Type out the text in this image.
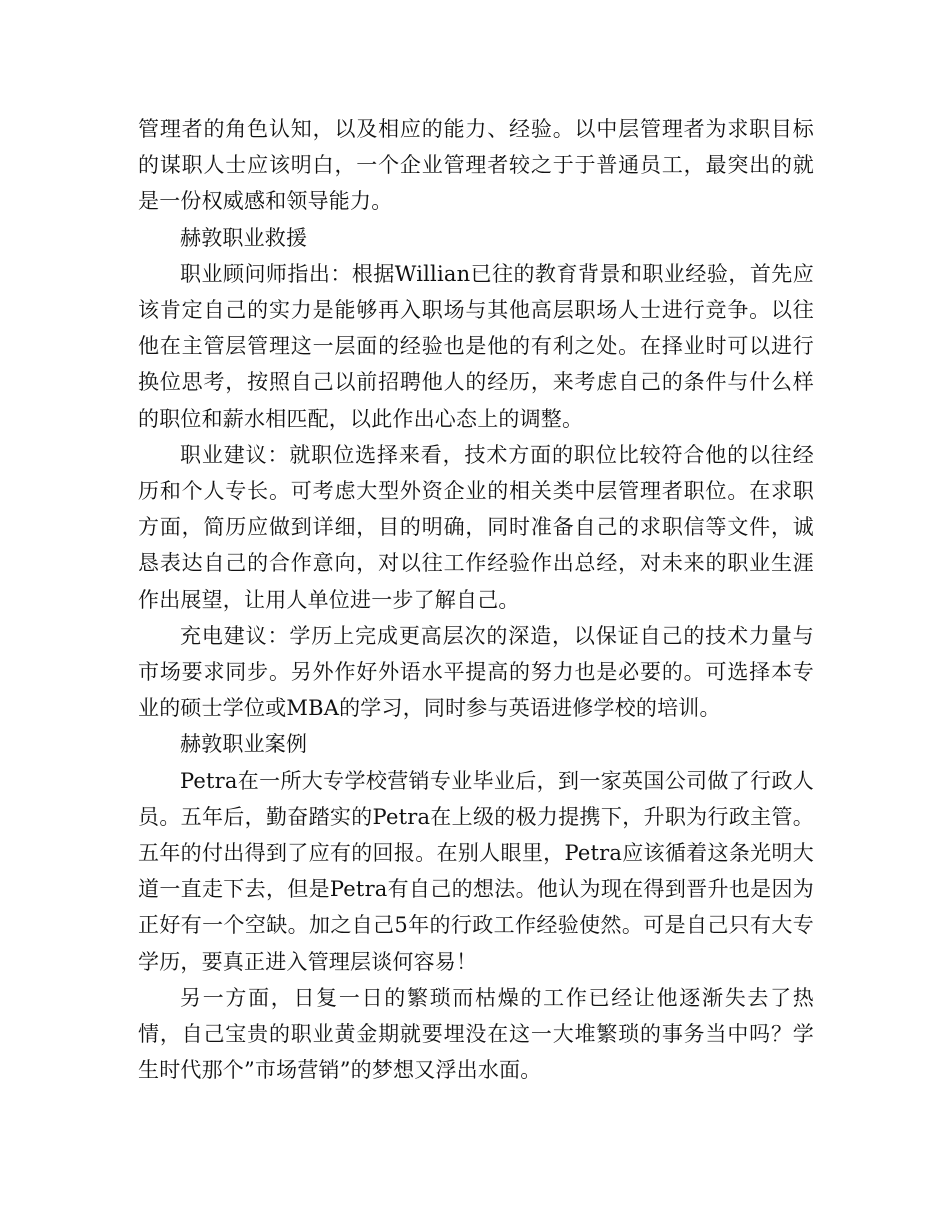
管理者的角色认知，以及相应的能力、经验。以中层管理者为求职目标的谋职人士应该明白，一个企业管理者较之于于普通员工，最突出的就是一份权威感和领导能力。

赫敦职业救援

职业顾问师指出：根据Willian已往的教育背景和职业经验，首先应该肯定自己的实力是能够再入职场与其他高层职场人士进行竞争。以往他在主管层管理这一层面的经验也是他的有利之处。在择业时可以进行换位思考，按照自己以前招聘他人的经历，来考虑自己的条件与什么样的职位和薪水相匹配，以此作出心态上的调整。

职业建议：就职位选择来看，技术方面的职位比较符合他的以往经历和个人专长。可考虑大型外资企业的相关类中层管理者职位。在求职方面，简历应做到详细，目的明确，同时准备自己的求职信等文件，诚恳表达自己的合作意向，对以往工作经验作出总经，对未来的职业生涯作出展望，让用人单位进一步了解自己。

充电建议：学历上完成更高层次的深造，以保证自己的技术力量与市场要求同步。另外作好外语水平提高的努力也是必要的。可选择本专业的硕士学位或MBA的学习，同时参与英语进修学校的培训。

赫敦职业案例

Petra在一所大专学校营销专业毕业后，到一家英国公司做了行政人员。五年后，勤奋踏实的Petra在上级的极力提携下，升职为行政主管。五年的付出得到了应有的回报。在别人眼里，Petra应该循着这条光明大道一直走下去，但是Petra有自己的想法。他认为现在得到晋升也是因为正好有一个空缺。加之自己5年的行政工作经验使然。可是自己只有大专学历，要真正进入管理层谈何容易！

另一方面，日复一日的繁琐而枯燥的工作已经让他逐渐失去了热情，自己宝贵的职业黄金期就要埋没在这一大堆繁琐的事务当中吗？学生时代那个”市场营销”的梦想又浮出水面。
